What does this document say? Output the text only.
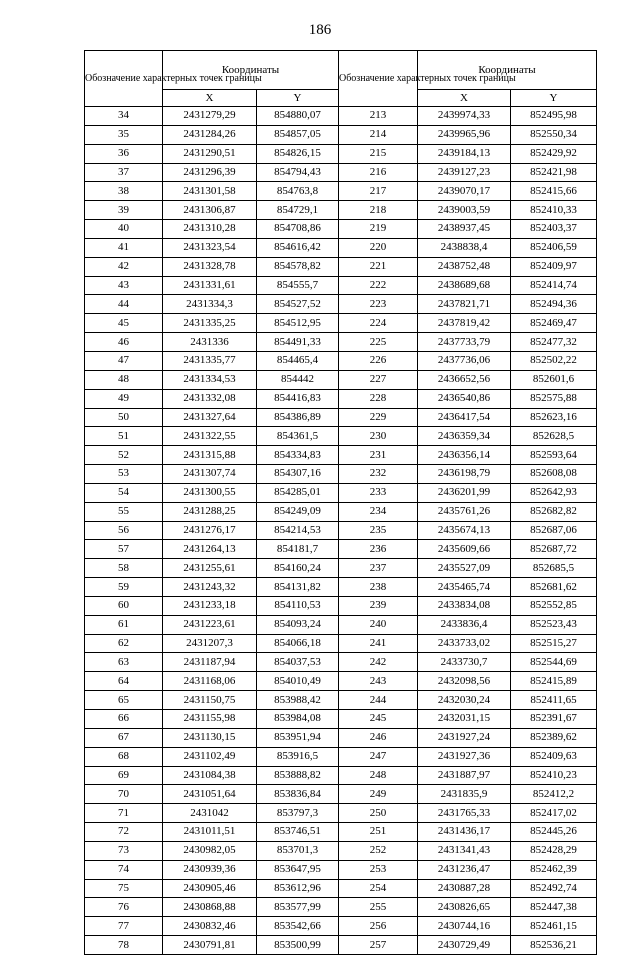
186
Обозначение характерных точек границы	Координаты		Обозначение характерных точек границы	Координаты	
	X	Y		X	Y
34	2431279,29	854880,07	213	2439974,33	852495,98
35	2431284,26	854857,05	214	2439965,96	852550,34
36	2431290,51	854826,15	215	2439184,13	852429,92
37	2431296,39	854794,43	216	2439127,23	852421,98
38	2431301,58	854763,8	217	2439070,17	852415,66
39	2431306,87	854729,1	218	2439003,59	852410,33
40	2431310,28	854708,86	219	2438937,45	852403,37
41	2431323,54	854616,42	220	2438838,4	852406,59
42	2431328,78	854578,82	221	2438752,48	852409,97
43	2431331,61	854555,7	222	2438689,68	852414,74
44	2431334,3	854527,52	223	2437821,71	852494,36
45	2431335,25	854512,95	224	2437819,42	852469,47
46	2431336	854491,33	225	2437733,79	852477,32
47	2431335,77	854465,4	226	2437736,06	852502,22
48	2431334,53	854442	227	2436652,56	852601,6
49	2431332,08	854416,83	228	2436540,86	852575,88
50	2431327,64	854386,89	229	2436417,54	852623,16
51	2431322,55	854361,5	230	2436359,34	852628,5
52	2431315,88	854334,83	231	2436356,14	852593,64
53	2431307,74	854307,16	232	2436198,79	852608,08
54	2431300,55	854285,01	233	2436201,99	852642,93
55	2431288,25	854249,09	234	2435761,26	852682,82
56	2431276,17	854214,53	235	2435674,13	852687,06
57	2431264,13	854181,7	236	2435609,66	852687,72
58	2431255,61	854160,24	237	2435527,09	852685,5
59	2431243,32	854131,82	238	2435465,74	852681,62
60	2431233,18	854110,53	239	2433834,08	852552,85
61	2431223,61	854093,24	240	2433836,4	852523,43
62	2431207,3	854066,18	241	2433733,02	852515,27
63	2431187,94	854037,53	242	2433730,7	852544,69
64	2431168,06	854010,49	243	2432098,56	852415,89
65	2431150,75	853988,42	244	2432030,24	852411,65
66	2431155,98	853984,08	245	2432031,15	852391,67
67	2431130,15	853951,94	246	2431927,24	852389,62
68	2431102,49	853916,5	247	2431927,36	852409,63
69	2431084,38	853888,82	248	2431887,97	852410,23
70	2431051,64	853836,84	249	2431835,9	852412,2
71	2431042	853797,3	250	2431765,33	852417,02
72	2431011,51	853746,51	251	2431436,17	852445,26
73	2430982,05	853701,3	252	2431341,43	852428,29
74	2430939,36	853647,95	253	2431236,47	852462,39
75	2430905,46	853612,96	254	2430887,28	852492,74
76	2430868,88	853577,99	255	2430826,65	852447,38
77	2430832,46	853542,66	256	2430744,16	852461,15
78	2430791,81	853500,99	257	2430729,49	852536,21
